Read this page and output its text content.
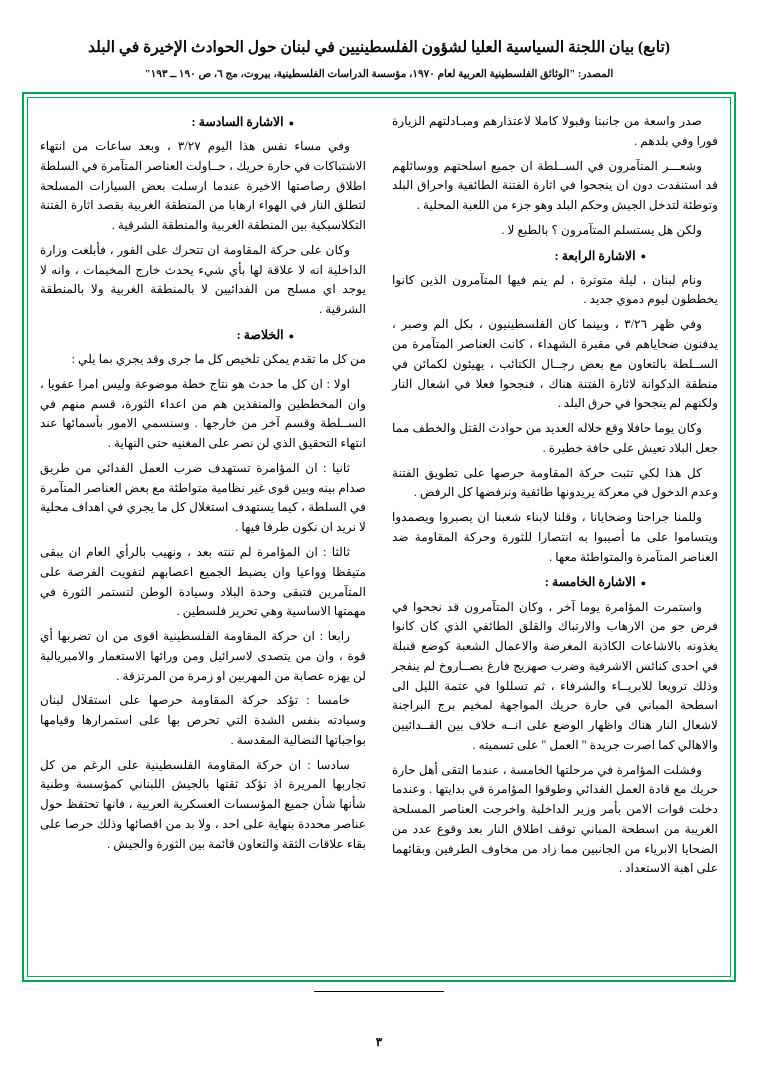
(تابع) بيان اللجنة السياسية العليا لشؤون الفلسطينيين في لبنان حول الحوادث الإخيرة في البلد
المصدر: "الوثائق الفلسطينية العربية لعام ١٩٧٠، مؤسسة الدراسات الفلسطينية، بيروت، مج ٦، ص ١٩٠ ــ ١٩٣"

صدر واسعة من جانبنا وقبولا كاملا لاعتذارهم ومبـادلتهم الزيارة فورا وفي بلدهم .

وشعـــر المتآمرون في الســلطة ان جميع اسلحتهم ووسائلهم قد استنفدت دون ان ينجحوا في اثارة الفتنة الطائفية واحراق البلد وتوطئة لتدخل الجيش وحكم البلد وهو جزء من اللعبة المحلية .

ولكن هل يستسلم المتآمرون ؟ بالطبع لا .

●الاشارة الرابعة :

ونام لبنان ، ليلة متوترة ، لم ينم فيها المتآمرون الذين كانوا يخططون ليوم دموي جديد .

وفي ظهر ٣/٢٦ ، وبينما كان الفلسطينيون ، بكل الم وصبر ، يدفنون ضحاياهم في مقبرة الشهداء ، كانت العناصر المتآمرة من الســلطة بالتعاون مع بعض رجــال الكتائب ، يهيئون لكمائن في منطقة الدكوانة لاثارة الفتنة هناك ، فنجحوا فعلا في اشعال النار ولكنهم لم ينجحوا في حرق البلد .

وكان يوما حافلا وقع خلاله العديد من حوادث القتل والخطف مما جعل البلاد تعيش على حافة خطيرة .

كل هذا لكي تثبت حركة المقاومة حرصها على تطويق الفتنة وعدم الدخول في معركة يريدونها طائفية ونرفضها كل الرفض .

وللمنا جراحنا وضحايانا ، وقلنا لابناء شعبنا ان يصبروا ويصمدوا ويتساموا على ما أصيبوا به انتصارا للثورة وحركة المقاومة ضد العناصر المتآمرة والمتواطئة معها .

●الاشارة الخامسة :

واستمرت المؤامرة يوما آخر ، وكان المتآمرون قد نجحوا في فرض جو من الارهاب والارتباك والقلق الطائفي الذي كان كانوا يغذونه بالاشاعات الكاذبة المغرضة والاعمال الشعبة كوضع قنبلة في احدى كنائس الاشرفية وضرب صهريج فارغ بصــاروخ لم ينفجر وذلك ترويعا للابريــاء والشرفاء ، ثم تسللوا في عتمة الليل الى اسطحة المباني في حارة حريك المواجهة لمخيم برج البراجنة لاشعال النار هناك واظهار الوضع على انــه خلاف بين الفــدائيين والاهالي كما اصرت جريدة " العمل " على تسميته .

وفشلت المؤامرة في مرحلتها الخامسة ، عندما التقى أهل حارة حريك مع قادة العمل الفدائي وطوقوا المؤامرة في بدايتها . وعندما دخلت قوات الامن بأمر وزير الداخلية واخرجت العناصر المسلحة الغريبة من اسطحة المباني توقف اطلاق النار بعد وقوع عدد من الضحايا الابرياء من الجانبين مما زاد من مخاوف الطرفين وبقائهما على اهبة الاستعداد .

●الاشارة السادسة :

وفي مساء نفس هذا اليوم ٣/٢٧ ، وبعد ساعات من انتهاء الاشتباكات في حارة حريك ، حــاولت العناصر المتآمرة في السلطة اطلاق رصاصتها الاخيرة عندما ارسلت بعض السيارات المسلحة لتطلق النار في الهواء ارهابا من المنطقة الغربية بقصد اثارة الفتنة التكلاسيكية بين المنطقة الغربية والمنطقة الشرقية .

وكان على حركة المقاومة ان تتحرك على الفور ، فأبلغت وزارة الداخلية انه لا علاقة لها بأي شيء يحدث خارج المخيمات ، وانه لا يوجد اي مسلح من الفدائيين لا بالمنطقة الغربية ولا بالمنطقة الشرقية .

●الخلاصة :

من كل ما تقدم يمكن تلخيص كل ما جرى وقد يجري بما يلي :

اولا : ان كل ما حدث هو نتاج خطة موضوعة وليس امرا عفويا ، وان المخططين والمنفذين هم من اعداء الثورة، قسم منهم في الســلطة وقسم آخر من خارجها . وسنسمي الامور بأسمائها عند انتهاء التحقيق الذي لن نصر على المغنيه حتى النهاية .

ثانيا : ان المؤامرة تستهدف ضرب العمل الفدائي من طريق صدام بينه وبين قوى غير نظامية متواطئة مع بعض العناصر المتآمرة في السلطة ، كيما يستهدف استغلال كل ما يجري في اهداف محلية لا نريد ان نكون طرفا فيها .

ثالثا : ان المؤامرة لم تنته بعد ، ونهيب بالرأي العام ان يبقى متيقظا وواعيا وان يضبط الجميع اعصابهم لتفويت الفرصة على المتآمرين فتبقى وحدة البلاد وسيادة الوطن لتستمر الثورة في مهمتها الاساسية وهي تحرير فلسطين .

رابعا : ان حركة المقاومة الفلسطينية اقوى من ان تضربها أي قوة ، وان من يتصدى لاسرائيل ومن ورائها الاستعمار والامبريالية لن يهزه عصابة من المهربين او زمرة من المرتزقة .

خامسا : تؤكد حركة المقاومة حرصها على استقلال لبنان وسيادته بنفس الشدة التي تحرص بها على استمرارها وقيامها بواجباتها النضالية المقدسة .

سادسا : ان حركة المقاومة الفلسطينية على الرغم من كل تجاربها المريرة اذ تؤكد ثقتها بالجيش اللبناني كمؤسسة وطنية شأنها شأن جميع المؤسسات العسكرية العربية ، فانها تحتفظ حول عناصر محددة بنهاية على احد ، ولا بد من اقصائها وذلك حرصا على بقاء علاقات الثقة والتعاون قائمة بين الثورة والجيش .

٣
